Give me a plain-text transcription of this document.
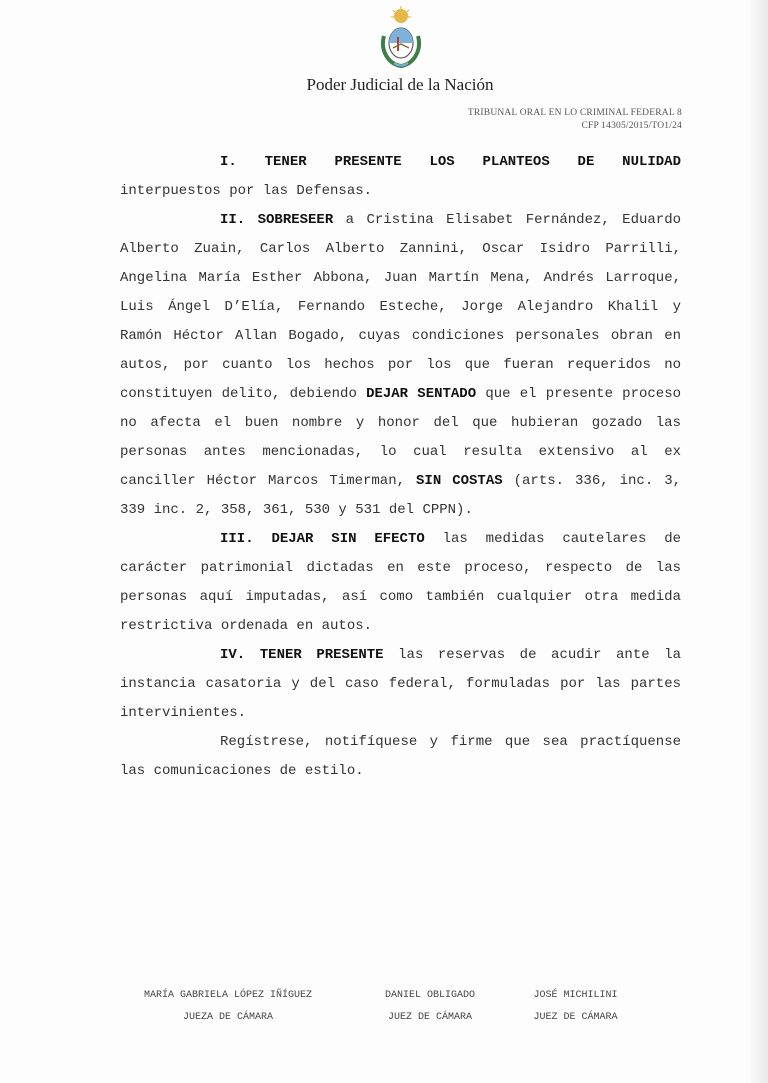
Poder Judicial de la Nación
TRIBUNAL ORAL EN LO CRIMINAL FEDERAL 8
CFP 14305/2015/TO1/24

I. TENER PRESENTE LOS PLANTEOS DE NULIDAD

interpuestos por las Defensas.

II. SOBRESEER a Cristina Elisabet Fernández, Eduardo Alberto Zuain, Carlos Alberto Zannini, Oscar Isidro Parrilli, Angelina María Esther Abbona, Juan Martín Mena, Andrés Larroque, Luis Ángel D’Elía, Fernando Esteche, Jorge Alejandro Khalil y Ramón Héctor Allan Bogado, cuyas condiciones personales obran en autos, por cuanto los hechos por los que fueran requeridos no constituyen delito, debiendo DEJAR SENTADO que el presente proceso no afecta el buen nombre y honor del que hubieran gozado las personas antes mencionadas, lo cual resulta extensivo al ex canciller Héctor Marcos Timerman, SIN COSTAS (arts. 336, inc. 3, 339 inc. 2, 358, 361, 530 y 531 del CPPN).

III. DEJAR SIN EFECTO las medidas cautelares de carácter patrimonial dictadas en este proceso, respecto de las personas aquí imputadas, así como también cualquier otra medida restrictiva ordenada en autos.

IV. TENER PRESENTE las reservas de acudir ante la instancia casatoria y del caso federal, formuladas por las partes intervinientes.

Regístrese, notifíquese y firme que sea practíquense las comunicaciones de estilo.

MARÍA GABRIELA LÓPEZ IÑÍGUEZ
JUEZA DE CÁMARA
DANIEL OBLIGADO
JUEZ DE CÁMARA
JOSÉ MICHILINI
JUEZ DE CÁMARA
